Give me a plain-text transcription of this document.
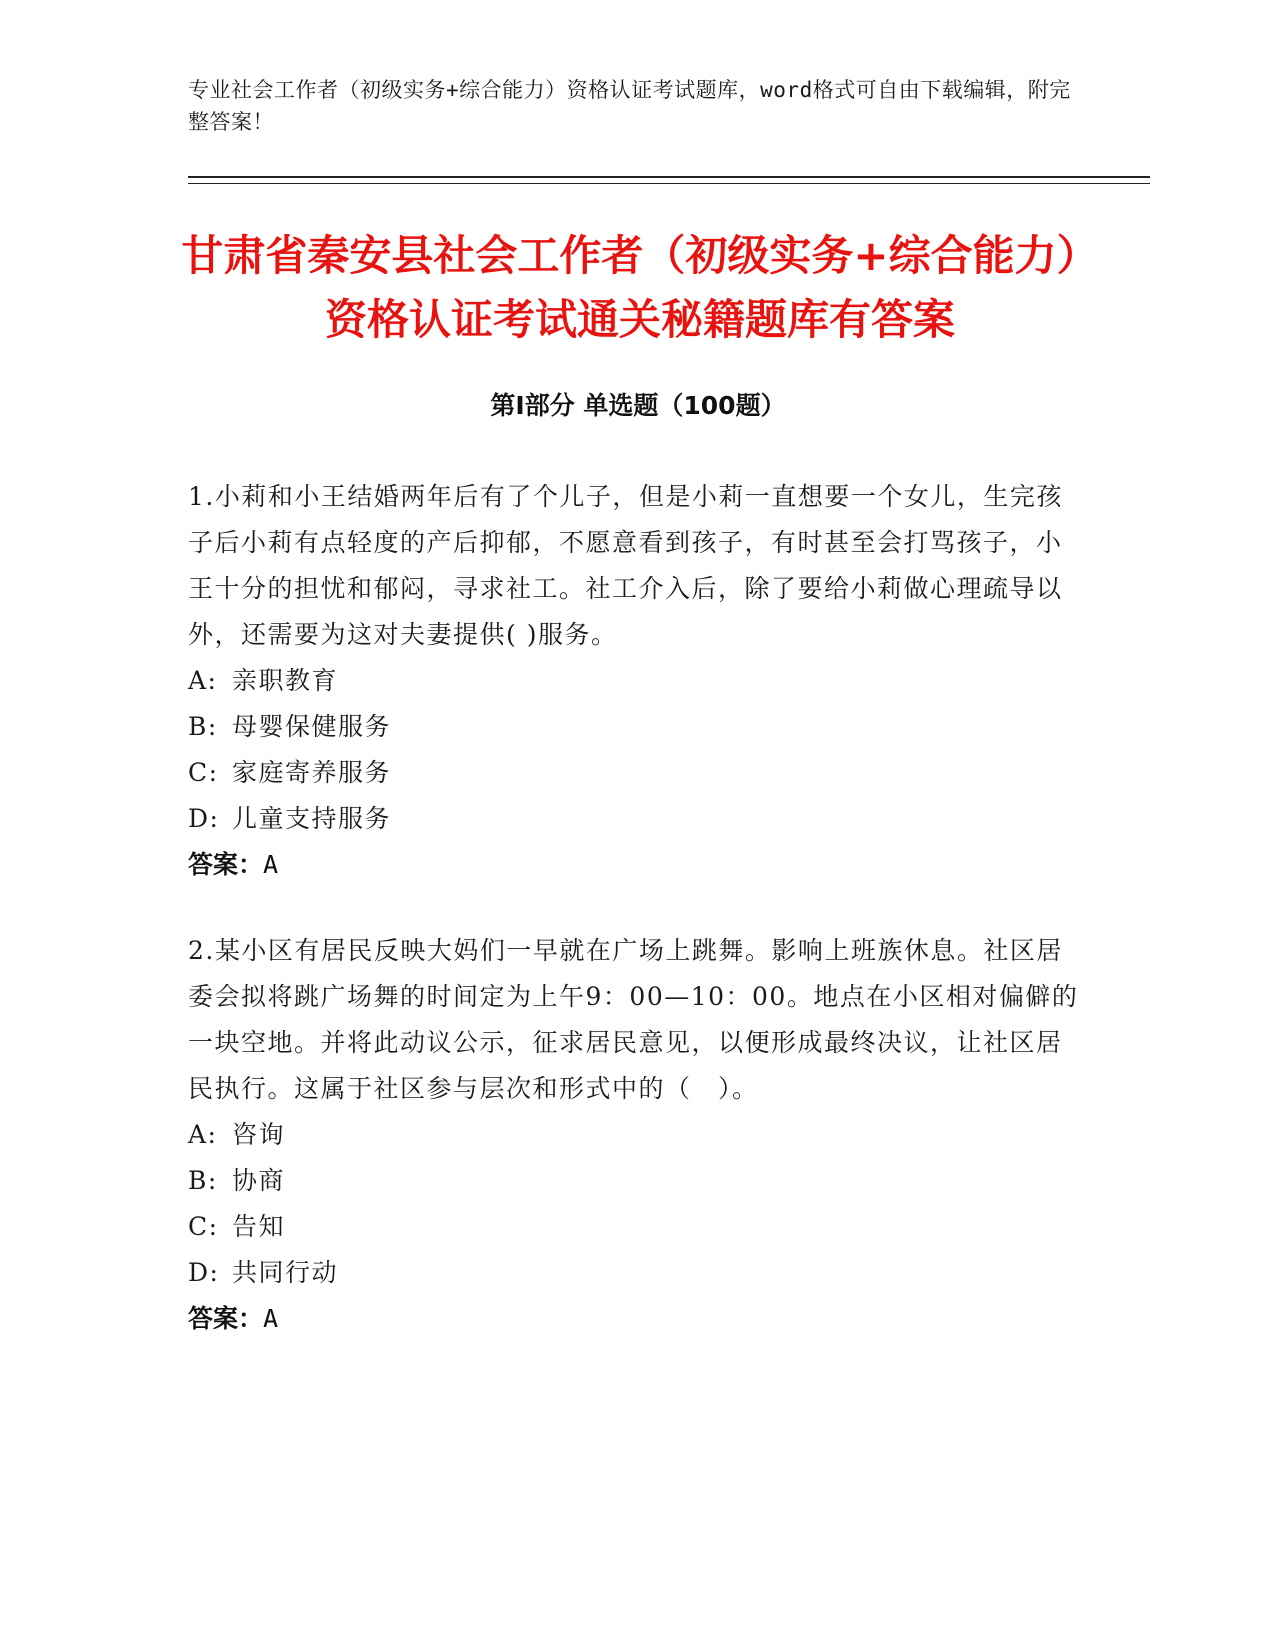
专业社会工作者（初级实务+综合能力）资格认证考试题库，word格式可自由下载编辑，附完整答案！
甘肃省秦安县社会工作者（初级实务+综合能力）资格认证考试通关秘籍题库有答案
第Ⅰ部分 单选题（100题）
1.小莉和小王结婚两年后有了个儿子，但是小莉一直想要一个女儿，生完孩子后小莉有点轻度的产后抑郁，不愿意看到孩子，有时甚至会打骂孩子，小王十分的担忧和郁闷，寻求社工。社工介入后，除了要给小莉做心理疏导以外，还需要为这对夫妻提供( )服务。
A: 亲职教育
B: 母婴保健服务
C: 家庭寄养服务
D: 儿童支持服务
答案：A
2.某小区有居民反映大妈们一早就在广场上跳舞。影响上班族休息。社区居委会拟将跳广场舞的时间定为上午9：00—10：00。地点在小区相对偏僻的一块空地。并将此动议公示，征求居民意见，以便形成最终决议，让社区居民执行。这属于社区参与层次和形式中的（　）。
A: 咨询
B: 协商
C: 告知
D: 共同行动
答案：A
